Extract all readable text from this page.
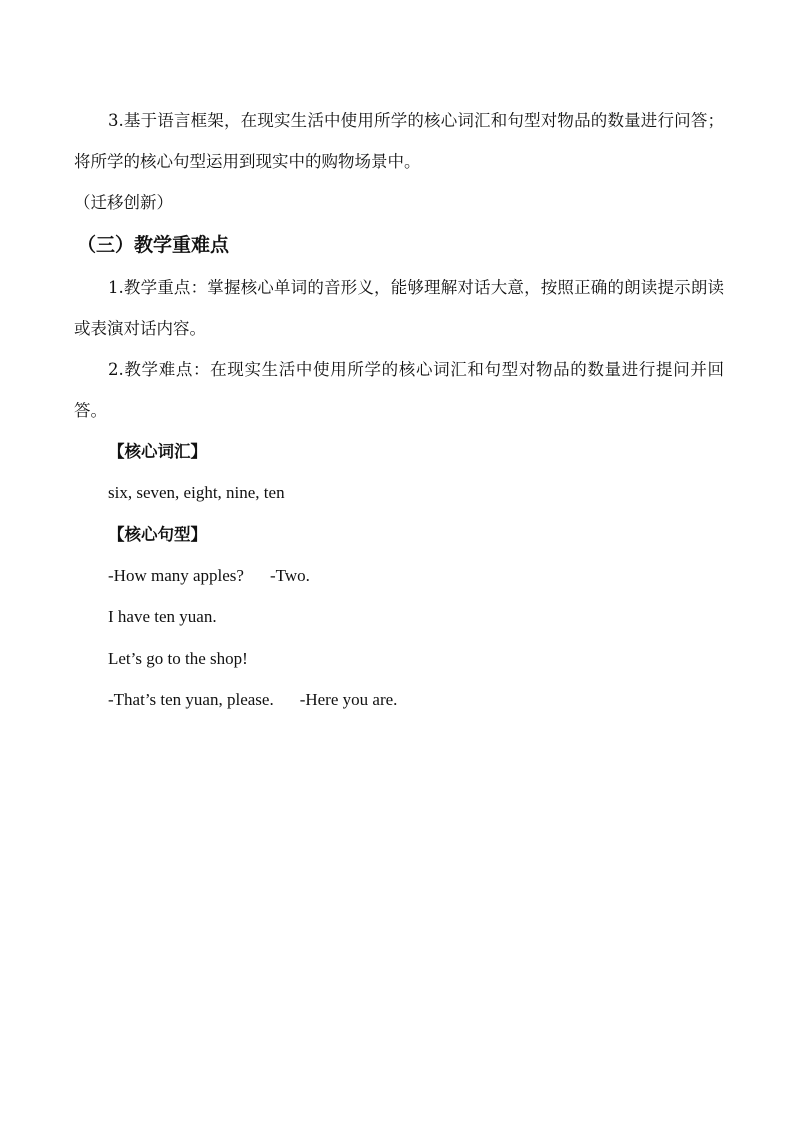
3.基于语言框架，在现实生活中使用所学的核心词汇和句型对物品的数量进行问答；将所学的核心句型运用到现实中的购物场景中。

（迁移创新）

（三）教学重难点

1.教学重点：掌握核心单词的音形义，能够理解对话大意，按照正确的朗读提示朗读或表演对话内容。

2.教学难点：在现实生活中使用所学的核心词汇和句型对物品的数量进行提问并回答。

【核心词汇】

six, seven, eight, nine, ten

【核心句型】

-How many apples? -Two.

I have ten yuan.

Let’s go to the shop!

-That’s ten yuan, please. -Here you are.
